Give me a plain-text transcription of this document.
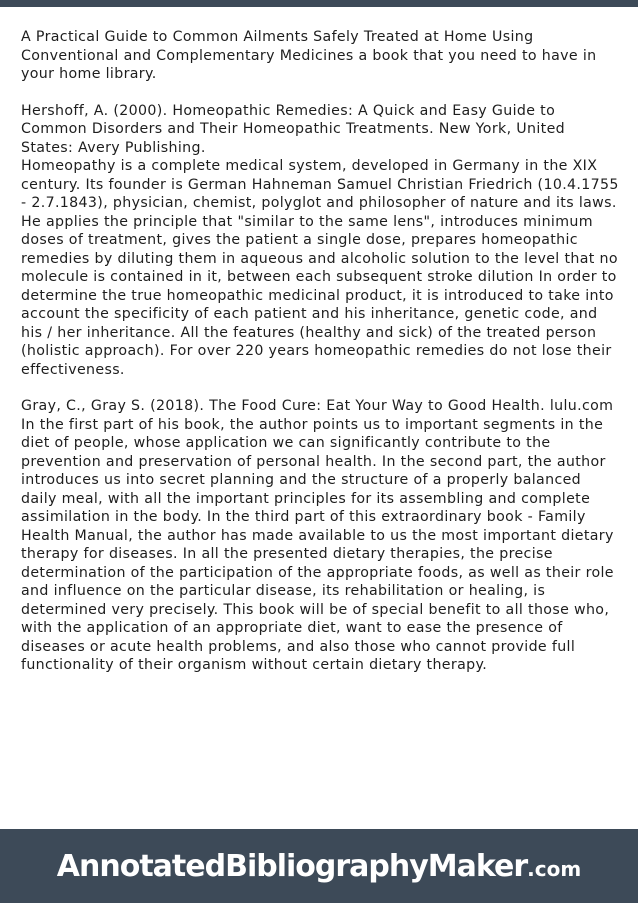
A Practical Guide to Common Ailments Safely Treated at Home Using Conventional and Complementary Medicines a book that you need to have in your home library.

Hershoff, A. (2000). Homeopathic Remedies: A Quick and Easy Guide to Common Disorders and Their Homeopathic Treatments. New York, United States: Avery Publishing.

Homeopathy is a complete medical system, developed in Germany in the XIX century. Its founder is German Hahneman Samuel Christian Friedrich (10.4.1755 - 2.7.1843), physician, chemist, polyglot and philosopher of nature and its laws. He applies the principle that "similar to the same lens", introduces minimum doses of treatment, gives the patient a single dose, prepares homeopathic remedies by diluting them in aqueous and alcoholic solution to the level that no molecule is contained in it, between each subsequent stroke dilution In order to determine the true homeopathic medicinal product, it is introduced to take into account the specificity of each patient and his inheritance, genetic code, and his / her inheritance. All the features (healthy and sick) of the treated person (holistic approach). For over 220 years homeopathic remedies do not lose their effectiveness.

Gray, C., Gray S. (2018). The Food Cure: Eat Your Way to Good Health. lulu.com

In the first part of his book, the author points us to important segments in the diet of people, whose application we can significantly contribute to the prevention and preservation of personal health. In the second part, the author introduces us into secret planning and the structure of a properly balanced daily meal, with all the important principles for its assembling and complete assimilation in the body. In the third part of this extraordinary book - Family Health Manual, the author has made available to us the most important dietary therapy for diseases. In all the presented dietary therapies, the precise determination of the participation of the appropriate foods, as well as their role and influence on the particular disease, its rehabilitation or healing, is determined very precisely. This book will be of special benefit to all those who, with the application of an appropriate diet, want to ease the presence of diseases or acute health problems, and also those who cannot provide full functionality of their organism without certain dietary therapy.

AnnotatedBibliographyMaker.com
